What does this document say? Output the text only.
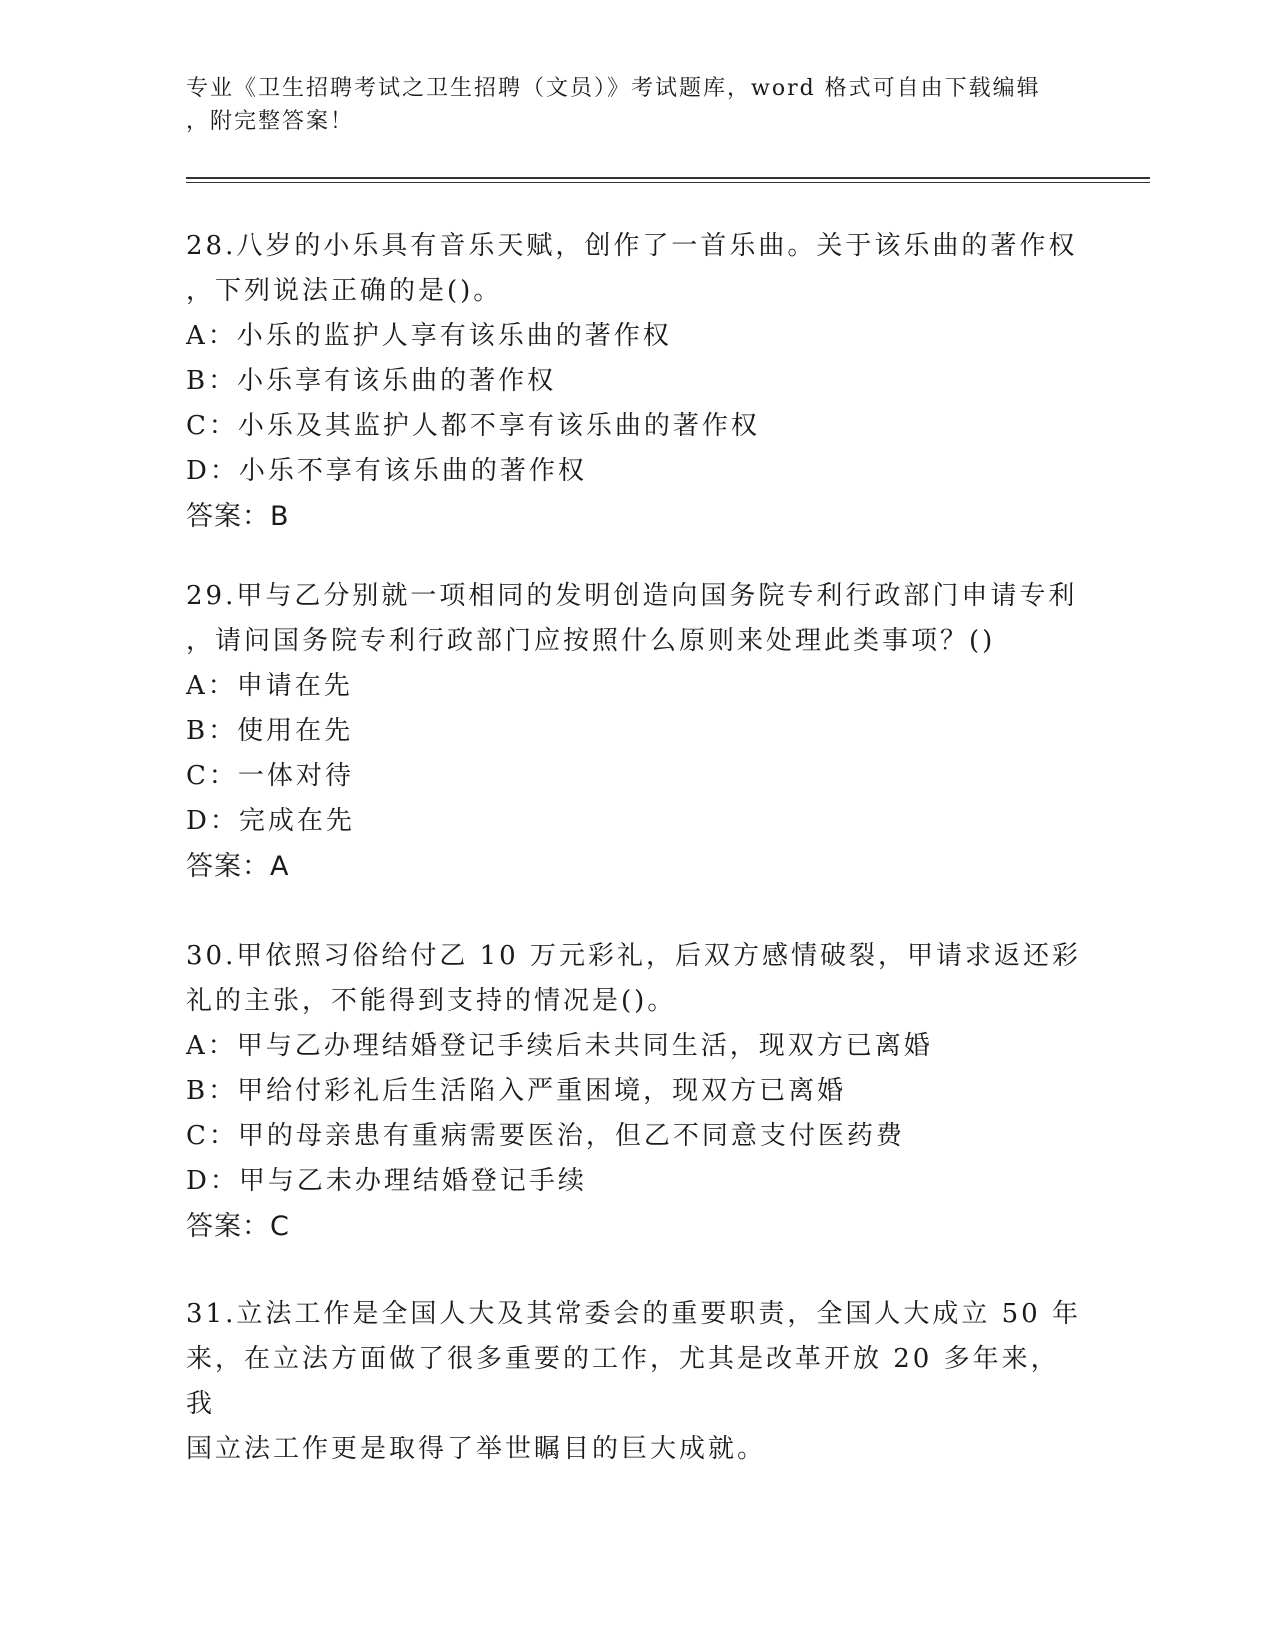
专业《卫生招聘考试之卫生招聘（文员）》考试题库，word 格式可自由下载编辑
，附完整答案！

28.八岁的小乐具有音乐天赋，创作了一首乐曲。关于该乐曲的著作权

，下列说法正确的是()。

A：小乐的监护人享有该乐曲的著作权

B：小乐享有该乐曲的著作权

C：小乐及其监护人都不享有该乐曲的著作权

D：小乐不享有该乐曲的著作权

答案：B

29.甲与乙分别就一项相同的发明创造向国务院专利行政部门申请专利

，请问国务院专利行政部门应按照什么原则来处理此类事项？()

A：申请在先

B：使用在先

C：一体对待

D：完成在先

答案：A

30.甲依照习俗给付乙 10 万元彩礼，后双方感情破裂，甲请求返还彩

礼的主张，不能得到支持的情况是()。

A：甲与乙办理结婚登记手续后未共同生活，现双方已离婚

B：甲给付彩礼后生活陷入严重困境，现双方已离婚

C：甲的母亲患有重病需要医治，但乙不同意支付医药费

D：甲与乙未办理结婚登记手续

答案：C

31.立法工作是全国人大及其常委会的重要职责，全国人大成立 50 年

来，在立法方面做了很多重要的工作，尤其是改革开放 20 多年来，我

国立法工作更是取得了举世瞩目的巨大成就。
